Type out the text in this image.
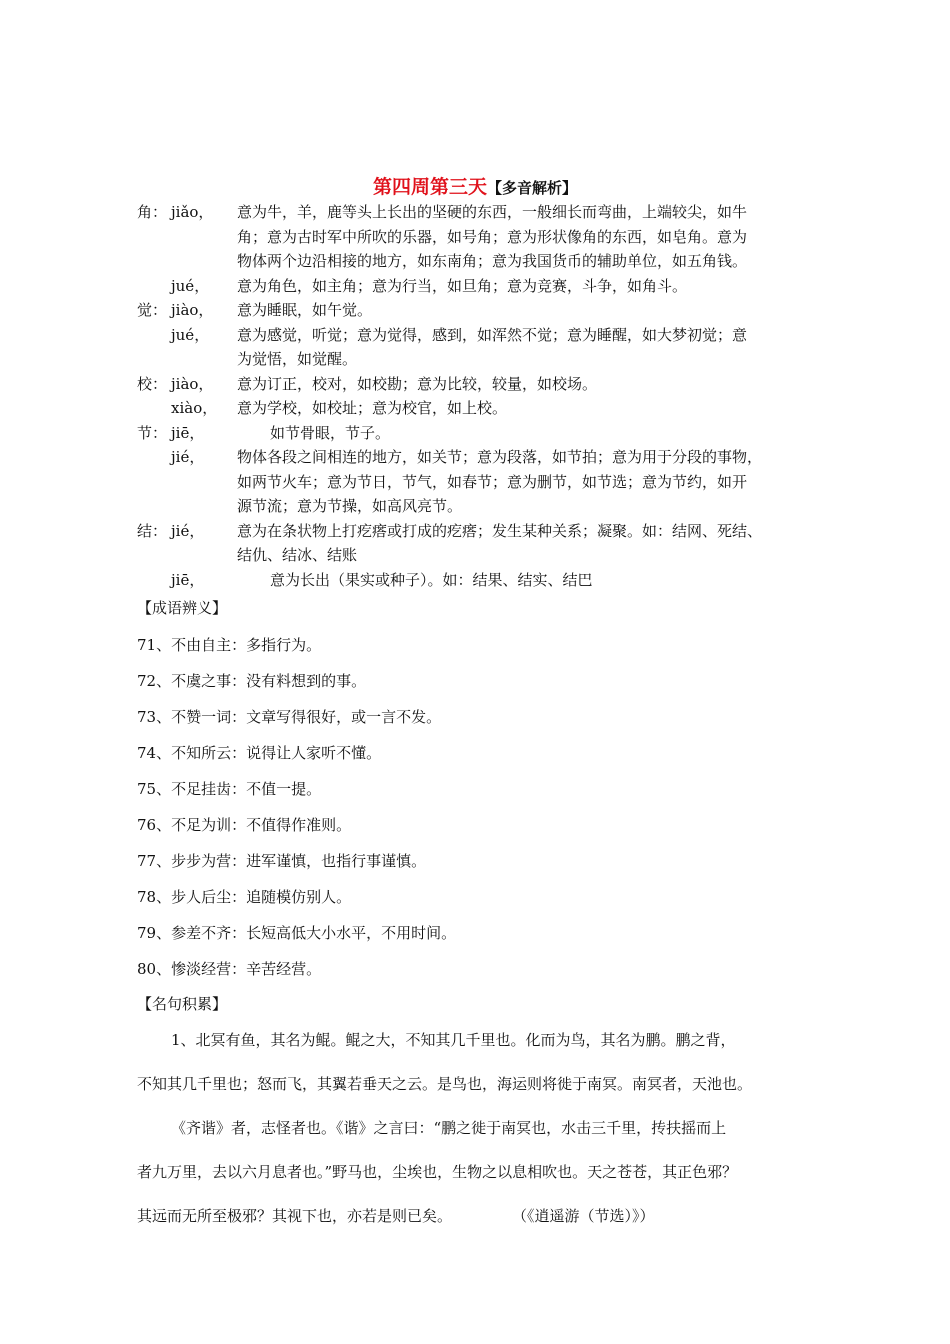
第四周第三天【多音解析】
角： jiǎo， 意为牛，羊，鹿等头上长出的坚硬的东西，一般细长而弯曲，上端较尖，如牛
角；意为古时军中所吹的乐器，如号角；意为形状像角的东西，如皂角。意为
物体两个边沿相接的地方，如东南角；意为我国货币的辅助单位，如五角钱。
jué， 意为角色，如主角；意为行当，如旦角；意为竞赛，斗争，如角斗。
觉： jiào， 意为睡眠，如午觉。
jué， 意为感觉，听觉；意为觉得，感到，如浑然不觉；意为睡醒，如大梦初觉；意
为觉悟，如觉醒。
校： jiào， 意为订正，校对，如校勘；意为比较，较量，如校场。
xiào， 意为学校，如校址；意为校官，如上校。
节： jiē，	如节骨眼，节子。
jié， 物体各段之间相连的地方，如关节；意为段落，如节拍；意为用于分段的事物，
如两节火车；意为节日，节气，如春节；意为删节，如节选；意为节约，如开
源节流；意为节操，如高风亮节。
结： jié， 意为在条状物上打疙瘩或打成的疙瘩；发生某种关系；凝聚。如：结网、死结、
结仇、结冰、结账
jiē，	意为长出（果实或种子）。如：结果、结实、结巴
【成语辨义】
71、不由自主：多指行为。
72、不虞之事：没有料想到的事。
73、不赞一词：文章写得很好，或一言不发。
74、不知所云：说得让人家听不懂。
75、不足挂齿：不值一提。
76、不足为训：不值得作准则。
77、步步为营：进军谨慎，也指行事谨慎。
78、步人后尘：追随模仿别人。
79、参差不齐：长短高低大小水平，不用时间。
80、惨淡经营：辛苦经营。
【名句积累】
1、北冥有鱼，其名为鲲。鲲之大，不知其几千里也。化而为鸟，其名为鹏。鹏之背，
不知其几千里也；怒而飞，其翼若垂天之云。是鸟也，海运则将徙于南冥。南冥者，天池也。
《齐谐》者，志怪者也。《谐》之言曰：“鹏之徙于南冥也，水击三千里，抟扶摇而上
者九万里，去以六月息者也。”野马也，尘埃也，生物之以息相吹也。天之苍苍，其正色邪？
其远而无所至极邪？其视下也，亦若是则已矣。	（《逍遥游（节选）》）
